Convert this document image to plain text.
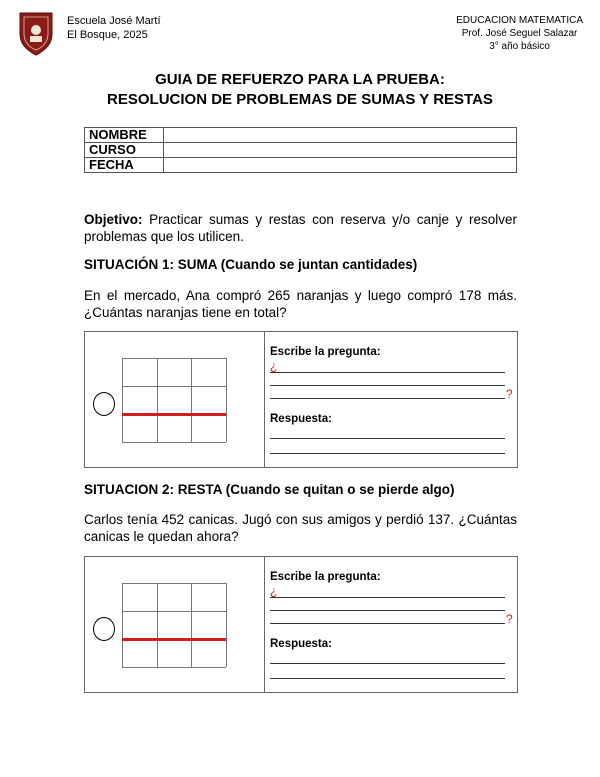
Escuela José Martí
El Bosque, 2025
EDUCACION MATEMATICA
Prof. José Seguel Salazar
3° año básico
GUIA DE REFUERZO PARA LA PRUEBA:
RESOLUCION DE PROBLEMAS DE SUMAS Y RESTAS
NOMBRE	
CURSO	
FECHA	
Objetivo: Practicar sumas y restas con reserva y/o canje y resolver problemas que los utilicen.
SITUACIÓN 1: SUMA (Cuando se juntan cantidades)
En el mercado, Ana compró 265 naranjas y luego compró 178 más. ¿Cuántas naranjas tiene en total?
Escribe la pregunta:
¿
?
Respuesta:
SITUACION 2: RESTA (Cuando se quitan o se pierde algo)
Carlos tenía 452 canicas. Jugó con sus amigos y perdió 137. ¿Cuántas canicas le quedan ahora?
Escribe la pregunta:
¿
?
Respuesta:
